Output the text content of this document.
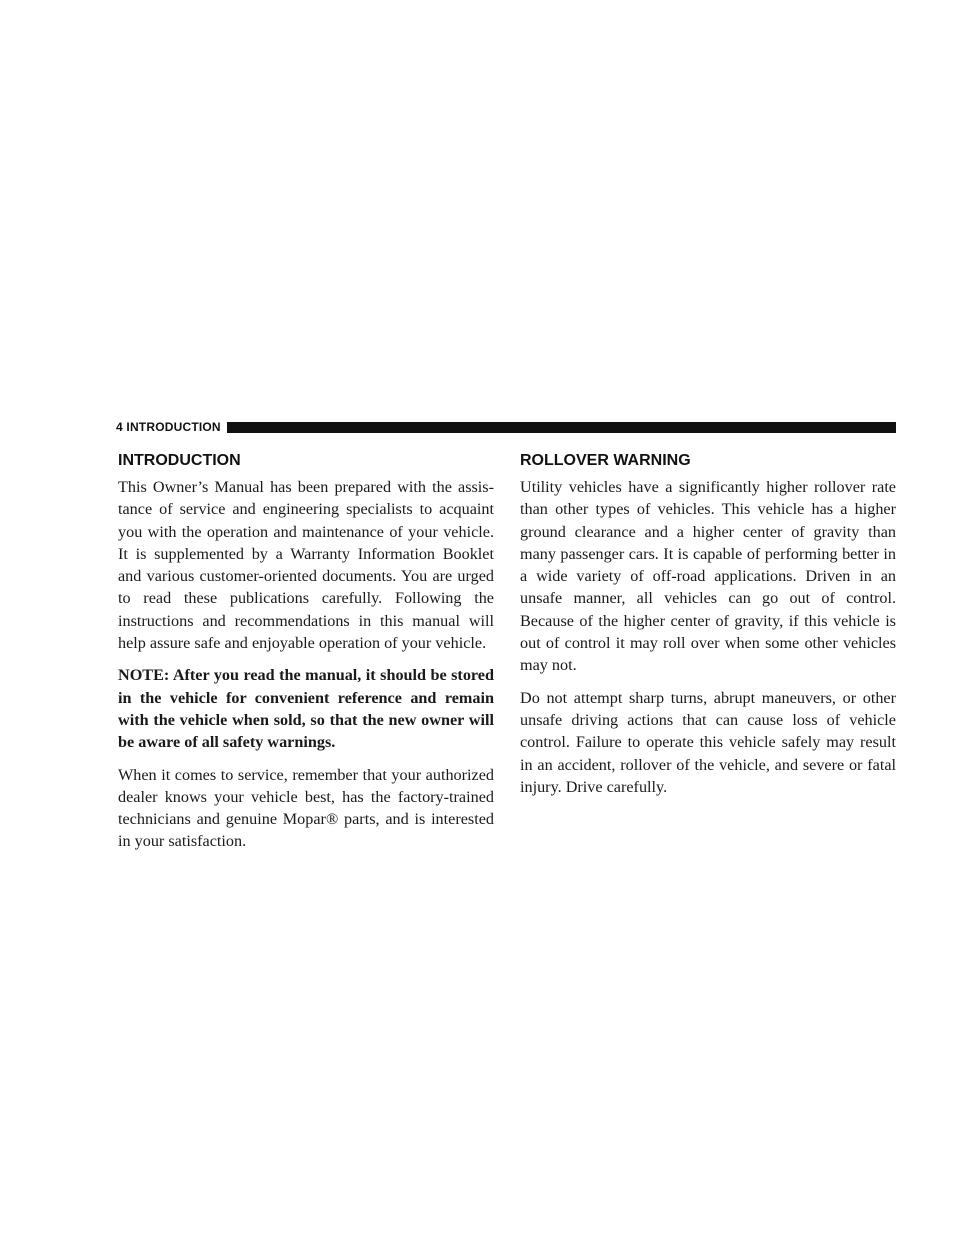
4 INTRODUCTION
INTRODUCTION

This Owner’s Manual has been prepared with the assis-tance of service and engineering specialists to acquaint you with the operation and maintenance of your vehicle. It is supplemented by a Warranty Information Booklet and various customer-oriented documents. You are urged to read these publications carefully. Following the instructions and recommendations in this manual will help assure safe and enjoyable operation of your vehicle.

NOTE: After you read the manual, it should be stored in the vehicle for convenient reference and remain with the vehicle when sold, so that the new owner will be aware of all safety warnings.

When it comes to service, remember that your authorized dealer knows your vehicle best, has the factory-trained technicians and genuine Mopar® parts, and is interested in your satisfaction.

ROLLOVER WARNING

Utility vehicles have a significantly higher rollover rate than other types of vehicles. This vehicle has a higher ground clearance and a higher center of gravity than many passenger cars. It is capable of performing better in a wide variety of off-road applications. Driven in an unsafe manner, all vehicles can go out of control. Because of the higher center of gravity, if this vehicle is out of control it may roll over when some other vehicles may not.

Do not attempt sharp turns, abrupt maneuvers, or other unsafe driving actions that can cause loss of vehicle control. Failure to operate this vehicle safely may result in an accident, rollover of the vehicle, and severe or fatal injury. Drive carefully.
